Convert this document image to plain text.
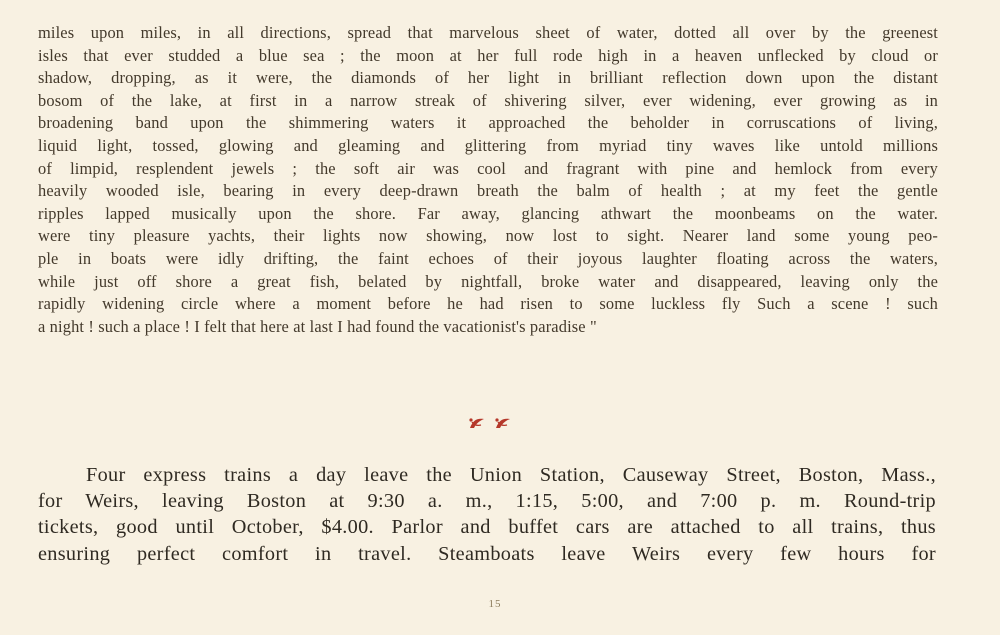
miles upon miles, in all directions, spread that marvelous sheet of water, dotted all over by the greenest
isles that ever studded a blue sea ; the moon at her full rode high in a heaven unflecked by cloud or
shadow, dropping, as it were, the diamonds of her light in brilliant reflection down upon the distant
bosom of the lake, at first in a narrow streak of shivering silver, ever widening, ever growing as in
broadening band upon the shimmering waters it approached the beholder in corruscations of living,
liquid light, tossed, glowing and gleaming and glittering from myriad tiny waves like untold millions
of limpid, resplendent jewels ; the soft air was cool and fragrant with pine and hemlock from every
heavily wooded isle, bearing in every deep-drawn breath the balm of health ; at my feet the gentle
ripples lapped musically upon the shore. Far away, glancing athwart the moonbeams on the water.
were tiny pleasure yachts, their lights now showing, now lost to sight. Nearer land some young peo-
ple in boats were idly drifting, the faint echoes of their joyous laughter floating across the waters,
while just off shore a great fish, belated by nightfall, broke water and disappeared, leaving only the
rapidly widening circle where a moment before he had risen to some luckless fly Such a scene ! such
a night ! such a place ! I felt that here at last I had found the vacationist's paradise "
Four express trains a day leave the Union Station, Causeway Street, Boston, Mass.,
for Weirs, leaving Boston at 9:30 a. m., 1:15, 5:00, and 7:00 p. m. Round-trip
tickets, good until October, $4.00. Parlor and buffet cars are attached to all trains, thus
ensuring perfect comfort in travel. Steamboats leave Weirs every few hours for
15
